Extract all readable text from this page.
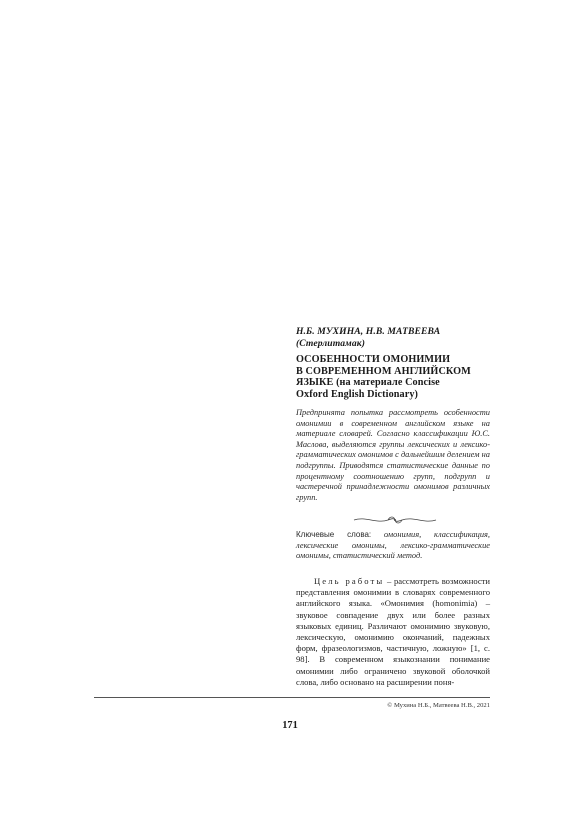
Н.Б. МУХИНА, Н.В. МАТВЕЕВА
(Стерлитамак)
ОСОБЕННОСТИ ОМОНИМИИ
В СОВРЕМЕННОМ АНГЛИЙСКОМ
ЯЗЫКЕ (на материале Concise
Oxford English Dictionary)
Предпринята попытка рассмотреть особенности омонимии в современном английском языке на материале словарей. Согласно классификации Ю.С. Маслова, выделяются группы лексических и лексико-грамматических омонимов с дальнейшим делением на подгруппы. Приводятся статистические данные по процентному соотношению групп, подгрупп и частеречной принадлежности омонимов различных групп.
Ключевые слова: омонимия, классификация, лексические омонимы, лексико-грамматические омонимы, статистический метод.
Цель работы – рассмотреть возможности представления омонимии в словарях современного английского языка. «Омонимия (homonimia) – звуковое совпадение двух или более разных языковых единиц. Различают омонимию звуковую, лексическую, омонимию окончаний, падежных форм, фразеологизмов, частичную, ложную» [1, с. 98]. В современном языкознании понимание омонимии либо ограничено звуковой оболочкой слова, либо основано на расширении поня-
© Мухина Н.Б., Матвеева Н.В., 2021
171
